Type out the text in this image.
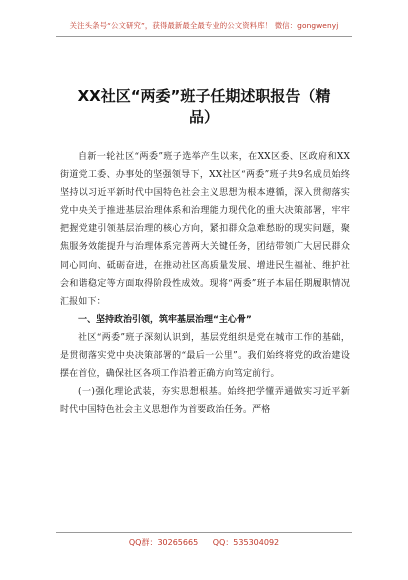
关注头条号“公文研究”，获得最新最全最专业的公文资料库！ 微信：gongwenyj
XX社区“两委”班子任期述职报告（精品）

自新一轮社区“两委”班子选举产生以来，在XX区委、区政府和XX街道党工委、办事处的坚强领导下，XX社区“两委”班子共9名成员始终坚持以习近平新时代中国特色社会主义思想为根本遵循，深入贯彻落实党中央关于推进基层治理体系和治理能力现代化的重大决策部署，牢牢把握党建引领基层治理的核心方向，紧扣群众急难愁盼的现实问题，聚焦服务效能提升与治理体系完善两大关键任务，团结带领广大居民群众同心同向、砥砺奋进，在推动社区高质量发展、增进民生福祉、维护社会和谐稳定等方面取得阶段性成效。现将“两委”班子本届任期履职情况汇报如下：

一、坚持政治引领，筑牢基层治理“主心骨”

社区“两委”班子深刻认识到，基层党组织是党在城市工作的基础，是贯彻落实党中央决策部署的“最后一公里”。我们始终将党的政治建设摆在首位，确保社区各项工作沿着正确方向笃定前行。

(一)强化理论武装，夯实思想根基。始终把学懂弄通做实习近平新时代中国特色社会主义思想作为首要政治任务。严格

QQ群：30265665 QQ：535304092
